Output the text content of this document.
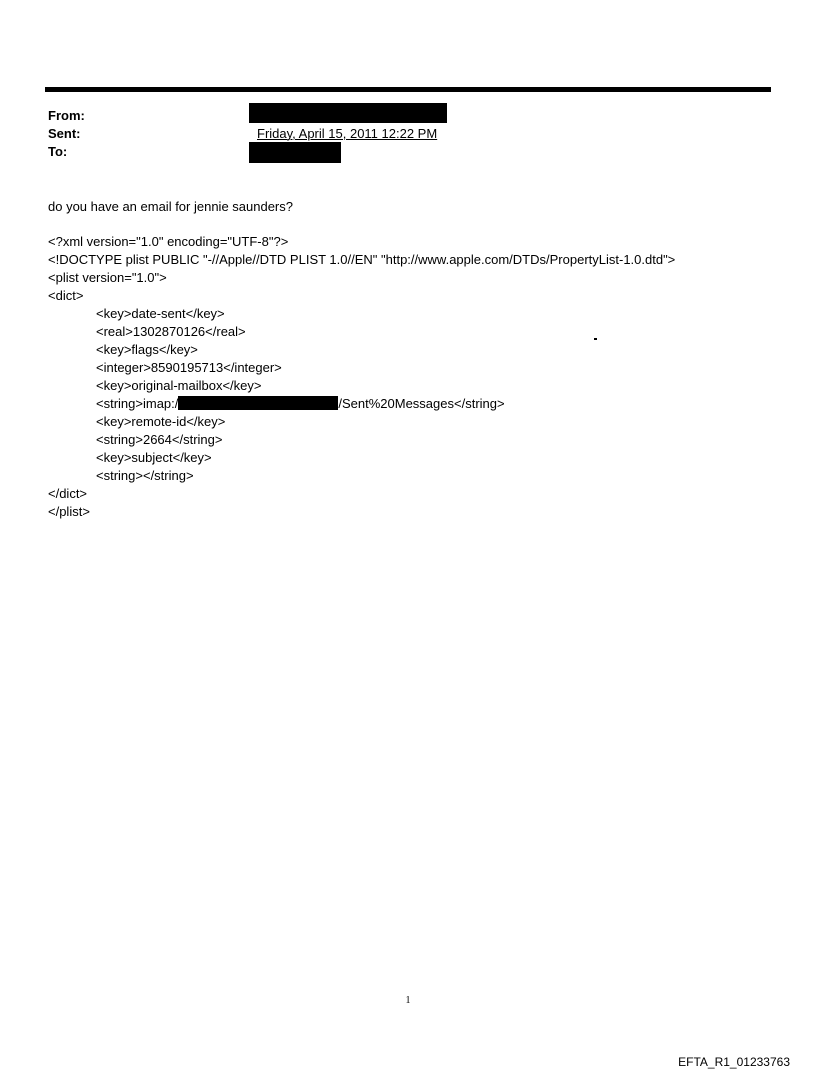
From:
Sent:	Friday, April 15, 2011 12:22 PM
To:
do you have an email for jennie saunders?
<?xml version="1.0" encoding="UTF-8"?>
<!DOCTYPE plist PUBLIC "-//Apple//DTD PLIST 1.0//EN" "http://www.apple.com/DTDs/PropertyList-1.0.dtd">
<plist version="1.0">
<dict>
<key>date-sent</key>
<real>1302870126</real>
<key>flags</key>
<integer>8590195713</integer>
<key>original-mailbox</key>
<string>imap:/	/Sent%20Messages</string>
<key>remote-id</key>
<string>2664</string>
<key>subject</key>
<string></string>
</dict>
</plist>
1
EFTA_R1_01233763
